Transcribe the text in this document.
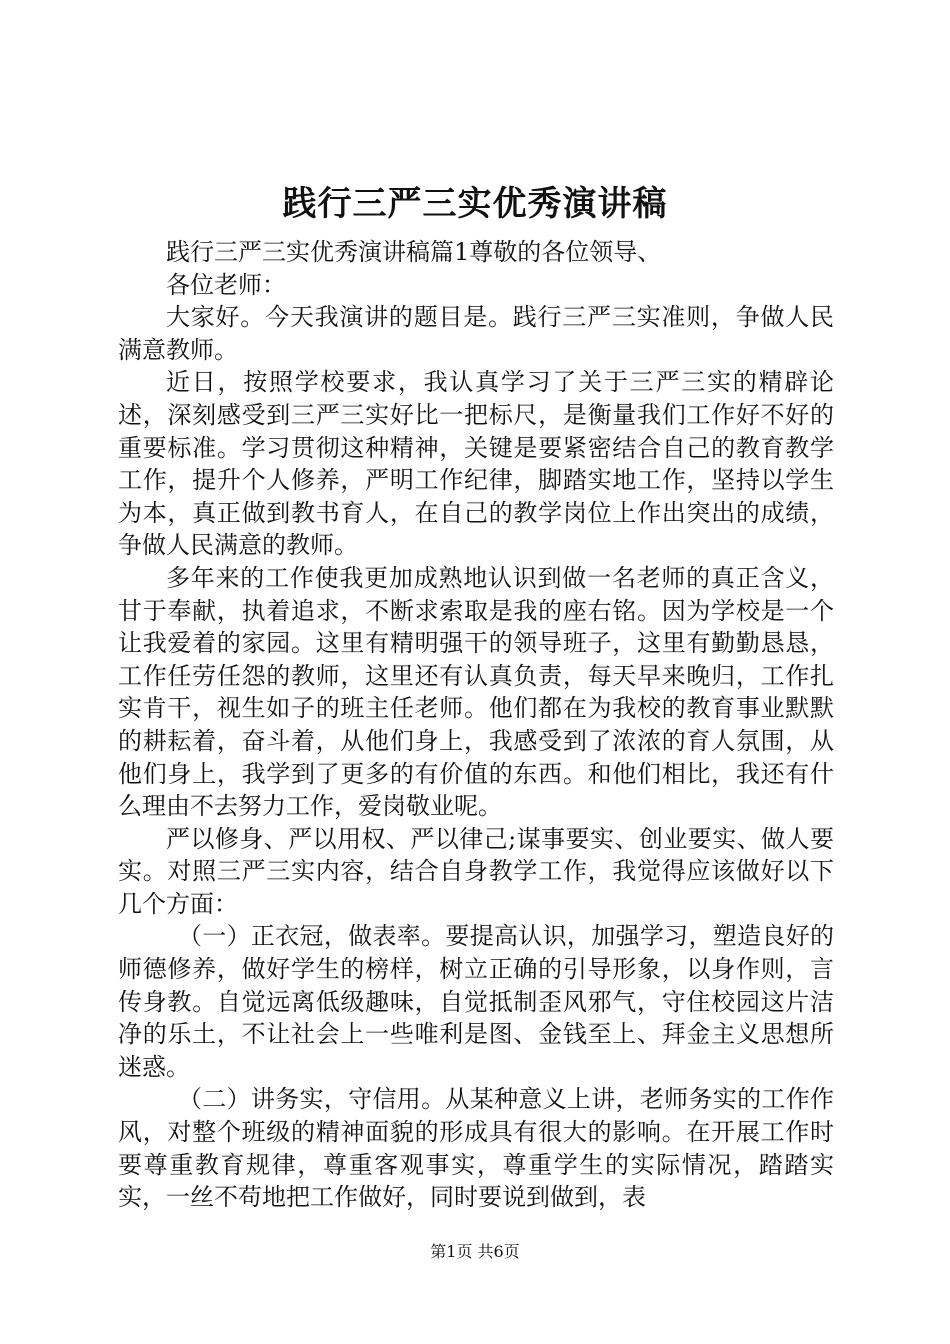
践行三严三实优秀演讲稿

践行三严三实优秀演讲稿篇1尊敬的各位领导、

各位老师：

大家好。今天我演讲的题目是。践行三严三实准则，争做人民满意教师。

近日，按照学校要求，我认真学习了关于三严三实的精辟论述，深刻感受到三严三实好比一把标尺，是衡量我们工作好不好的重要标准。学习贯彻这种精神，关键是要紧密结合自己的教育教学工作，提升个人修养，严明工作纪律，脚踏实地工作，坚持以学生为本，真正做到教书育人，在自己的教学岗位上作出突出的成绩，争做人民满意的教师。

多年来的工作使我更加成熟地认识到做一名老师的真正含义，甘于奉献，执着追求，不断求索取是我的座右铭。因为学校是一个让我爱着的家园。这里有精明强干的领导班子，这里有勤勤恳恳，工作任劳任怨的教师，这里还有认真负责，每天早来晚归，工作扎实肯干，视生如子的班主任老师。他们都在为我校的教育事业默默的耕耘着，奋斗着，从他们身上，我感受到了浓浓的育人氛围，从他们身上，我学到了更多的有价值的东西。和他们相比，我还有什么理由不去努力工作，爱岗敬业呢。

严以修身、严以用权、严以律己;谋事要实、创业要实、做人要实。对照三严三实内容，结合自身教学工作，我觉得应该做好以下几个方面：

（一）正衣冠，做表率。要提高认识，加强学习，塑造良好的师德修养，做好学生的榜样，树立正确的引导形象，以身作则，言传身教。自觉远离低级趣味，自觉抵制歪风邪气，守住校园这片洁净的乐土，不让社会上一些唯利是图、金钱至上、拜金主义思想所迷惑。

（二）讲务实，守信用。从某种意义上讲，老师务实的工作作风，对整个班级的精神面貌的形成具有很大的影响。在开展工作时要尊重教育规律，尊重客观事实，尊重学生的实际情况，踏踏实实，一丝不苟地把工作做好，同时要说到做到，表

第1页 共6页
